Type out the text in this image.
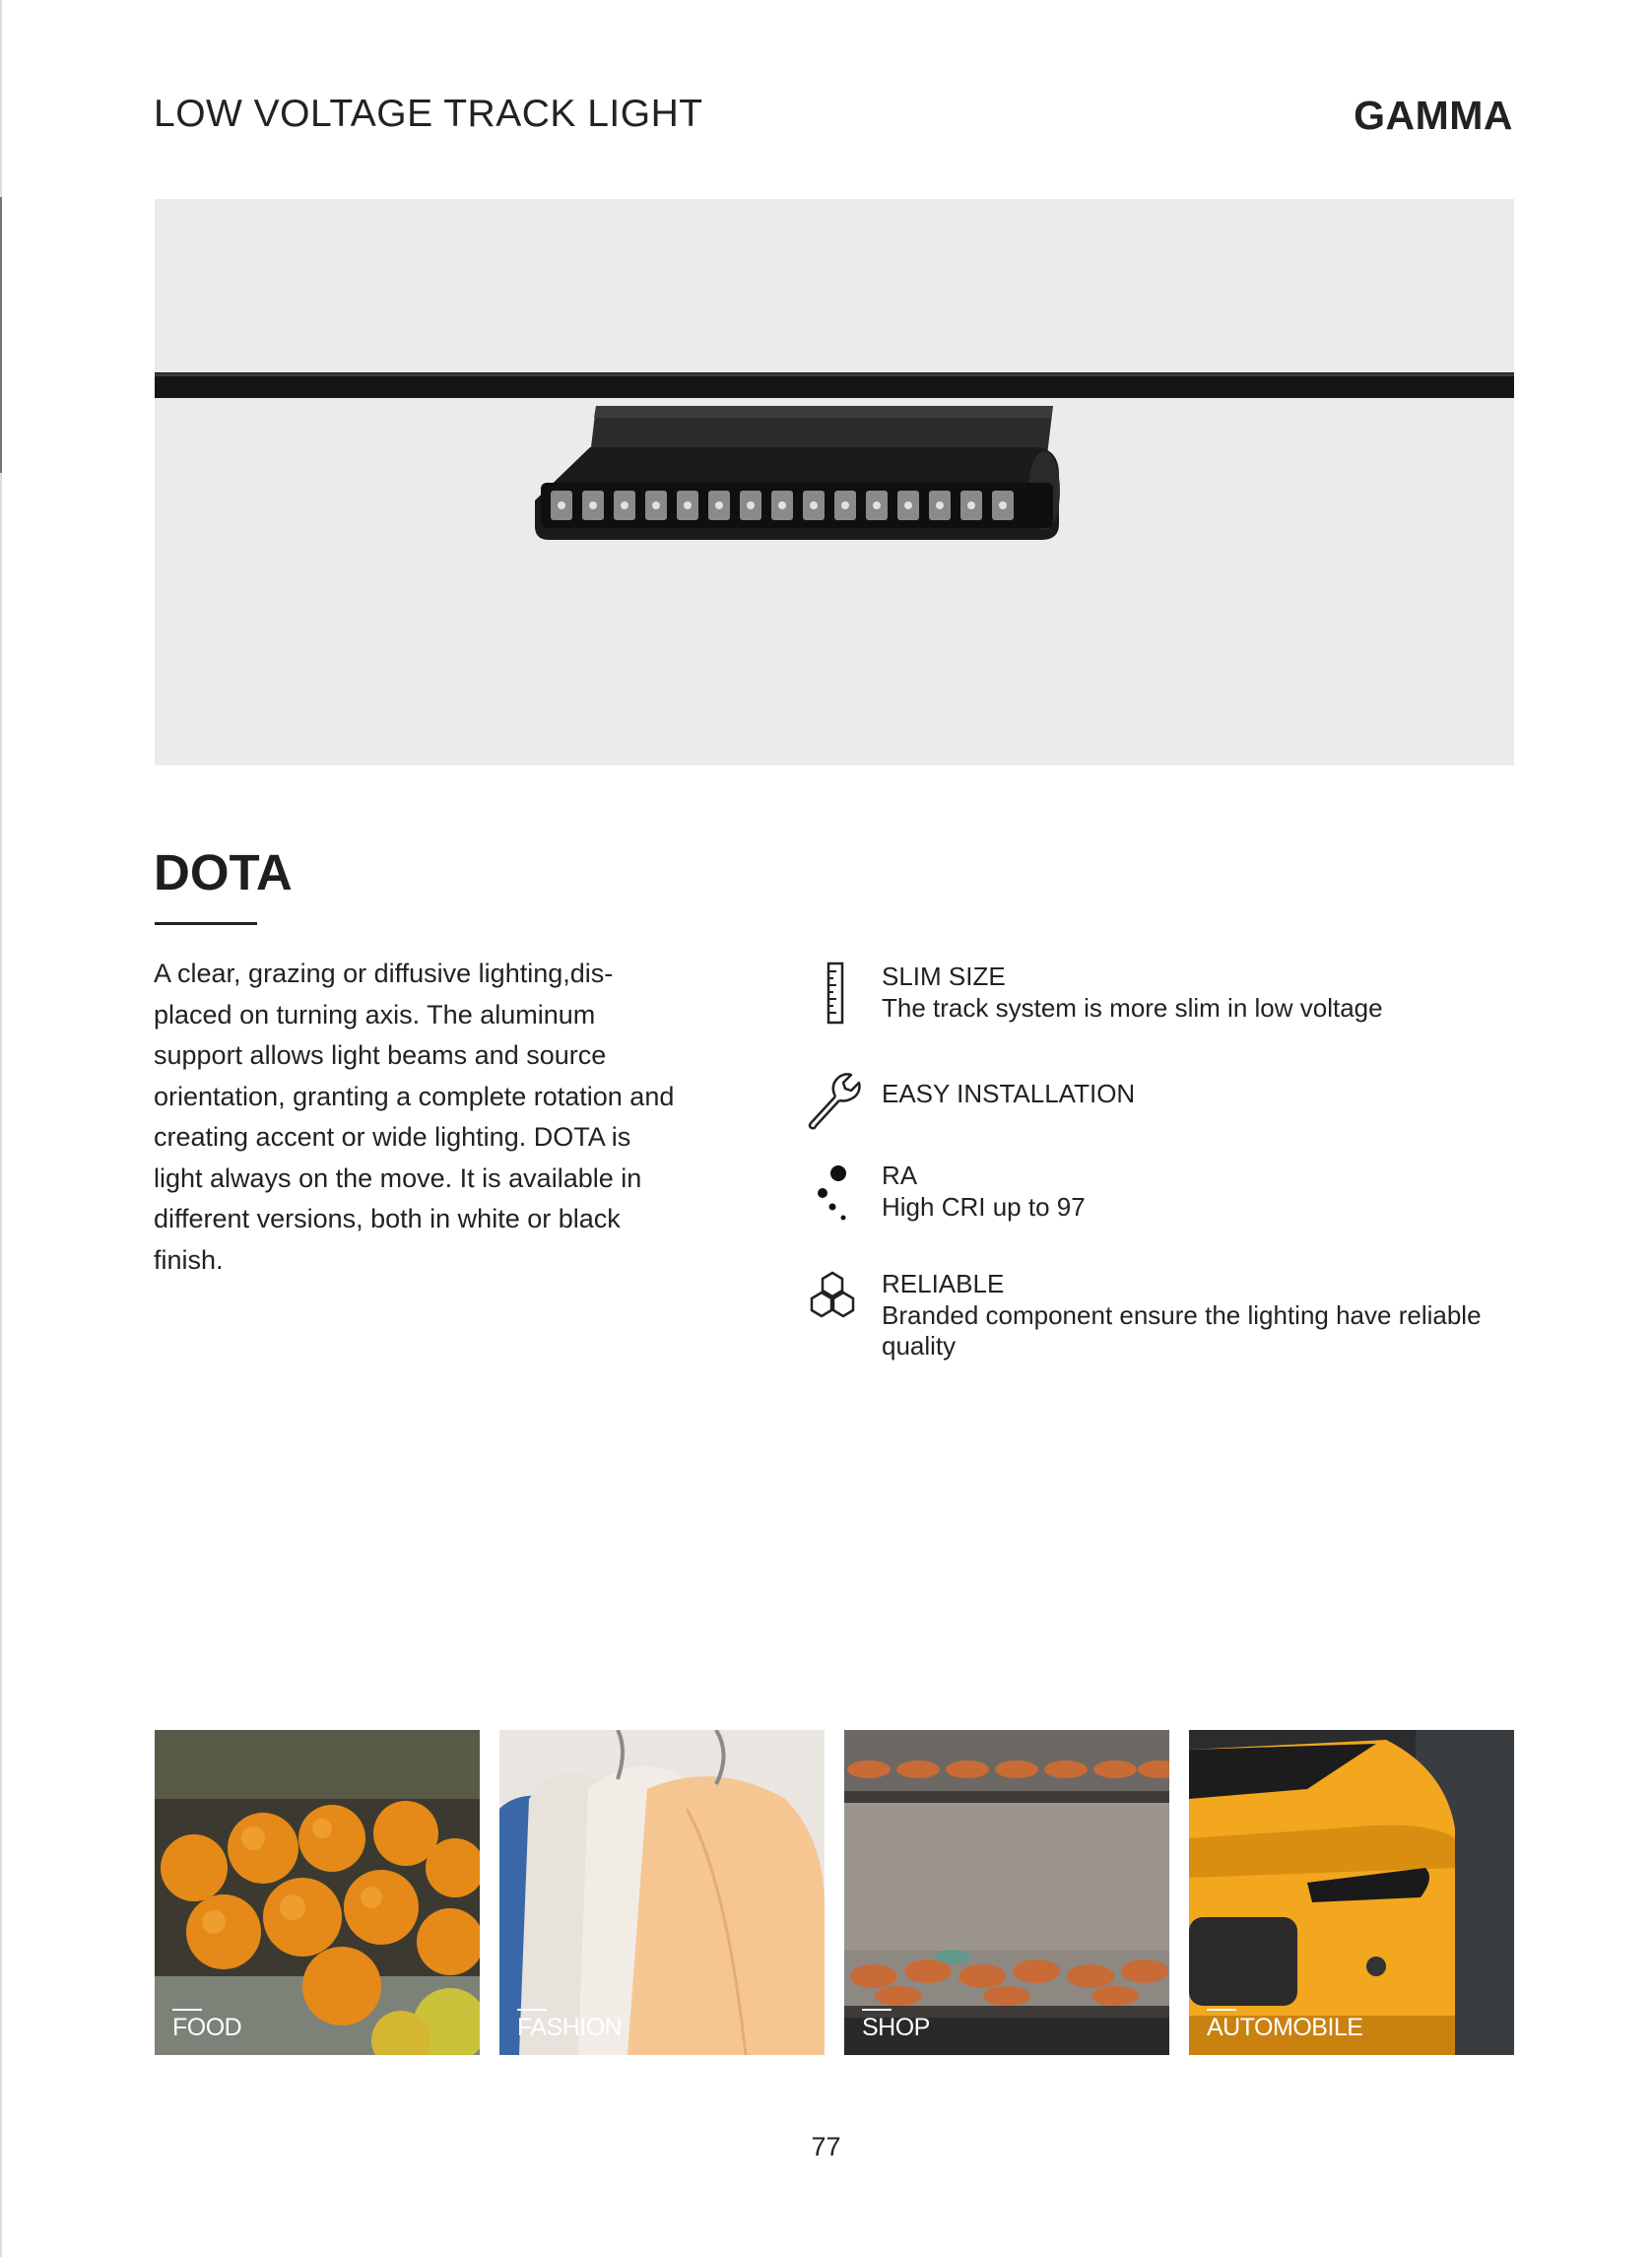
LOW VOLTAGE TRACK LIGHT	GAMMA
DOTA
A clear, grazing or diffusive lighting,dis-placed on turning axis. The aluminum support allows light beams and source orientation, granting a complete rotation and creating accent or wide lighting. DOTA is light always on the move. It is available in different versions, both in white or black finish.
SLIM SIZE
The track system is more slim in low voltage
EASY INSTALLATION
RA
High CRI up to 97
RELIABLE
Branded component ensure the lighting have reliable quality
FOOD	FASHION	SHOP	AUTOMOBILE
77
